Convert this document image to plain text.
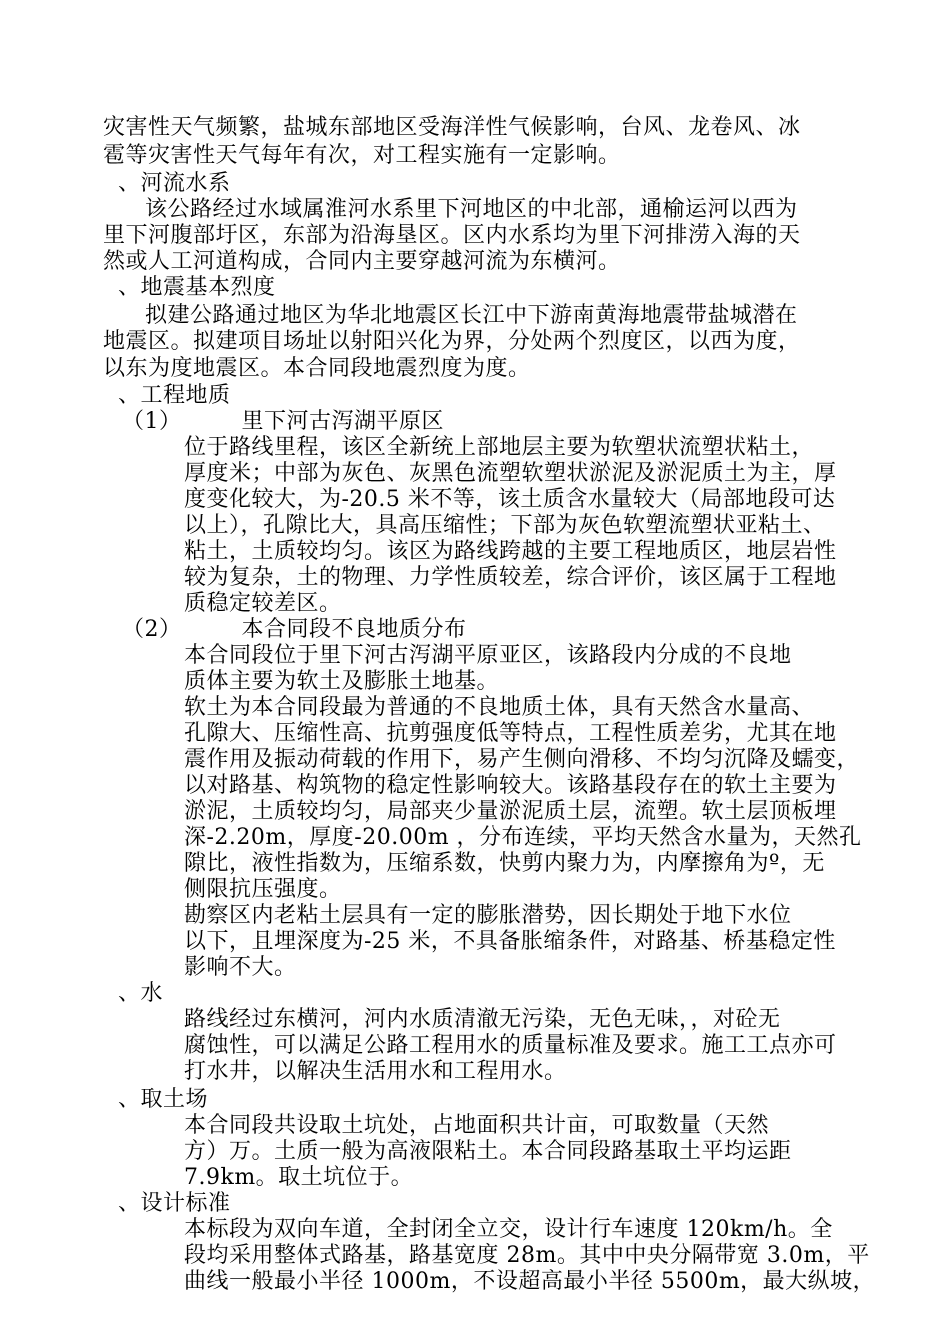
灾害性天气频繁，盐城东部地区受海洋性气候影响，台风、龙卷风、冰
雹等灾害性天气每年有次，对工程实施有一定影响。
、河流水系
该公路经过水域属淮河水系里下河地区的中北部，通榆运河以西为
里下河腹部圩区，东部为沿海垦区。区内水系均为里下河排涝入海的天
然或人工河道构成，合同内主要穿越河流为东横河。
、地震基本烈度
拟建公路通过地区为华北地震区长江中下游南黄海地震带盐城潜在
地震区。拟建项目场址以射阳兴化为界，分处两个烈度区，以西为度，
以东为度地震区。本合同段地震烈度为度。
、工程地质
（1）        里下河古泻湖平原区
位于路线里程，该区全新统上部地层主要为软塑状流塑状粘土，
厚度米；中部为灰色、灰黑色流塑软塑状淤泥及淤泥质土为主，厚
度变化较大，为-20.5 米不等，该土质含水量较大（局部地段可达
以上），孔隙比大，具高压缩性；下部为灰色软塑流塑状亚粘土、
粘土，土质较均匀。该区为路线跨越的主要工程地质区，地层岩性
较为复杂，土的物理、力学性质较差，综合评价，该区属于工程地
质稳定较差区。
（2）        本合同段不良地质分布
本合同段位于里下河古泻湖平原亚区，该路段内分成的不良地
质体主要为软土及膨胀土地基。
软土为本合同段最为普通的不良地质土体，具有天然含水量高、
孔隙大、压缩性高、抗剪强度低等特点，工程性质差劣，尤其在地
震作用及振动荷载的作用下，易产生侧向滑移、不均匀沉降及蠕变，
以对路基、构筑物的稳定性影响较大。该路基段存在的软土主要为
淤泥，土质较均匀，局部夹少量淤泥质土层，流塑。软土层顶板埋
深-2.20m，厚度-20.00m ，分布连续，平均天然含水量为，天然孔
隙比，液性指数为，压缩系数，快剪内聚力为，内摩擦角为º，无
侧限抗压强度。
勘察区内老粘土层具有一定的膨胀潜势，因长期处于地下水位
以下，且埋深度为-25 米，不具备胀缩条件，对路基、桥基稳定性
影响不大。
、水
路线经过东横河，河内水质清澈无污染，无色无味，，对砼无
腐蚀性，可以满足公路工程用水的质量标准及要求。施工工点亦可
打水井，以解决生活用水和工程用水。
、取土场
本合同段共设取土坑处，占地面积共计亩，可取数量（天然
方）万。土质一般为高液限粘土。本合同段路基取土平均运距
7.9km。取土坑位于。
、设计标准
本标段为双向车道，全封闭全立交，设计行车速度 120km/h。全
段均采用整体式路基，路基宽度 28m。其中中央分隔带宽 3.0m，平
曲线一般最小半径 1000m，不设超高最小半径 5500m，最大纵坡，
